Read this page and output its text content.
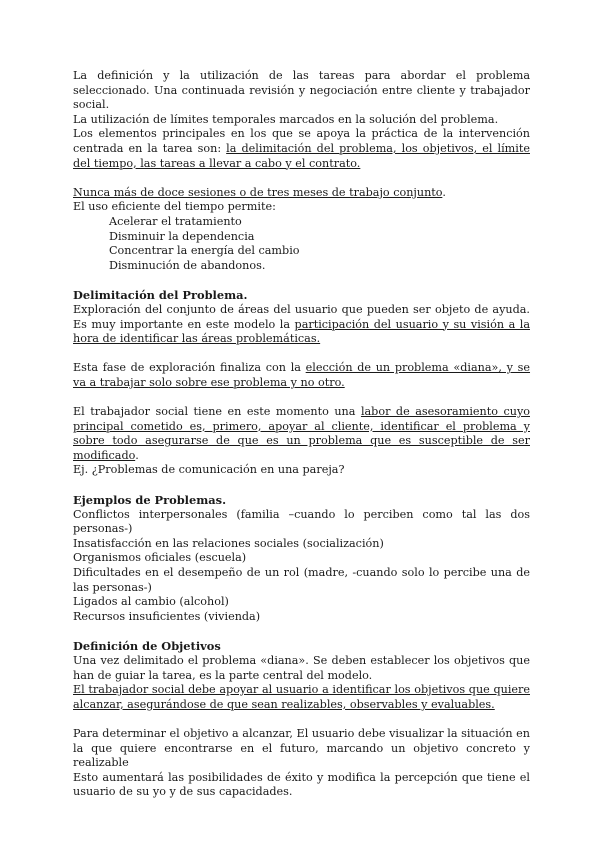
La definición y la utilización de las tareas para abordar el problema seleccionado. Una continuada revisión y negociación entre cliente y trabajador social.

La utilización de límites temporales marcados en la solución del problema.

Los elementos principales en los que se apoya la práctica de la intervención centrada en la tarea son: la delimitación del problema, los objetivos, el límite del tiempo, las tareas a llevar a cabo y el contrato.

Nunca más de doce sesiones o de tres meses de trabajo conjunto.

El uso eficiente del tiempo permite:

Acelerar el tratamiento

Disminuir la dependencia

Concentrar la energía del cambio

Disminución de abandonos.

Delimitación del Problema.

Exploración del conjunto de áreas del usuario que pueden ser objeto de ayuda. Es muy importante en este modelo la participación del usuario y su visión a la hora de identificar las áreas problemáticas.

Esta fase de exploración finaliza con la elección de un problema «diana», y se va a trabajar solo sobre ese problema y no otro.

El trabajador social tiene en este momento una labor de asesoramiento cuyo principal cometido es, primero, apoyar al cliente, identificar el problema y sobre todo asegurarse de que es un problema que es susceptible de ser modificado.

Ej. ¿Problemas de comunicación en una pareja?

Ejemplos de Problemas.

Conflictos interpersonales (familia –cuando lo perciben como tal las dos personas-)

Insatisfacción en las relaciones sociales (socialización)

Organismos oficiales (escuela)

Dificultades en el desempeño de un rol (madre, -cuando solo lo percibe una de las personas-)

Ligados al cambio (alcohol)

Recursos insuficientes (vivienda)

Definición de Objetivos

Una vez delimitado el problema «diana». Se deben establecer los objetivos que han de guiar la tarea, es la parte central del modelo.

El trabajador social debe apoyar al usuario a identificar los objetivos que quiere alcanzar, asegurándose de que sean realizables, observables y evaluables.

Para determinar el objetivo a alcanzar, El usuario debe visualizar la situación en la que quiere encontrarse en el futuro, marcando un objetivo concreto y realizable

Esto aumentará las posibilidades de éxito y modifica la percepción que tiene el usuario de su yo y de sus capacidades.
